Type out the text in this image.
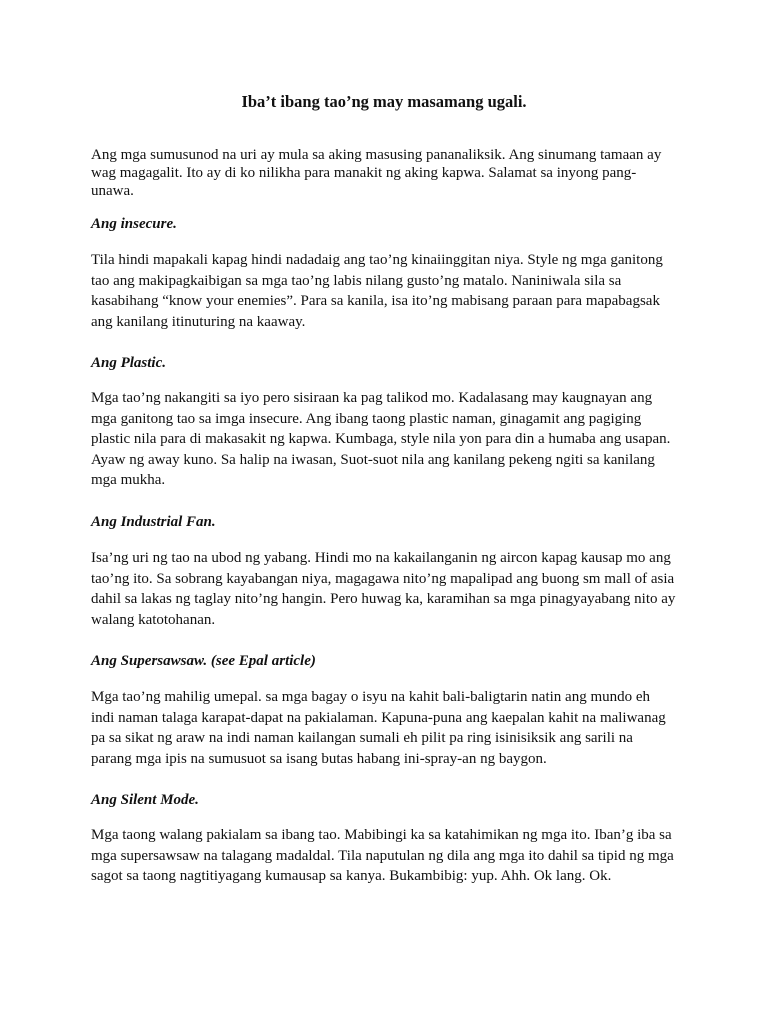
Iba’t ibang tao’ng may masamang ugali.
Ang mga sumusunod na uri ay mula sa aking masusing pananaliksik. Ang sinumang tamaan ay
wag magagalit. Ito ay di ko nilikha para manakit ng aking kapwa. Salamat sa inyong pang-
unawa.
Ang insecure.
Tila hindi mapakali kapag hindi nadadaig ang tao’ng kinaiinggitan niya. Style ng mga ganitong
tao ang makipagkaibigan sa mga tao’ng labis nilang gusto’ng matalo. Naniniwala sila sa
kasabihang “know your enemies”. Para sa kanila, isa ito’ng mabisang paraan para mapabagsak
ang kanilang itinuturing na kaaway.
Ang Plastic.
Mga tao’ng nakangiti sa iyo pero sisiraan ka pag talikod mo. Kadalasang may kaugnayan ang
mga ganitong tao sa imga insecure. Ang ibang taong plastic naman, ginagamit ang pagiging
plastic nila para di makasakit ng kapwa. Kumbaga, style nila yon para din a humaba ang usapan.
Ayaw ng away kuno. Sa halip na iwasan, Suot-suot nila ang kanilang pekeng ngiti sa kanilang
mga mukha.
Ang Industrial Fan.
Isa’ng uri ng tao na ubod ng yabang. Hindi mo na kakailanganin ng aircon kapag kausap mo ang
tao’ng ito. Sa sobrang kayabangan niya, magagawa nito’ng mapalipad ang buong sm mall of asia
dahil sa lakas ng taglay nito’ng hangin. Pero huwag ka, karamihan sa mga pinagyayabang nito ay
walang katotohanan.
Ang Supersawsaw. (see Epal article)
Mga tao’ng mahilig umepal. sa mga bagay o isyu na kahit bali-baligtarin natin ang mundo eh
indi naman talaga karapat-dapat na pakialaman. Kapuna-puna ang kaepalan kahit na maliwanag
pa sa sikat ng araw na indi naman kailangan sumali eh pilit pa ring isinisiksik ang sarili na
parang mga ipis na sumusuot sa isang butas habang ini-spray-an ng baygon.
Ang Silent Mode.
Mga taong walang pakialam sa ibang tao. Mabibingi ka sa katahimikan ng mga ito. Iban’g iba sa
mga supersawsaw na talagang madaldal. Tila naputulan ng dila ang mga ito dahil sa tipid ng mga
sagot sa taong nagtitiyagang kumausap sa kanya. Bukambibig: yup. Ahh. Ok lang. Ok.
